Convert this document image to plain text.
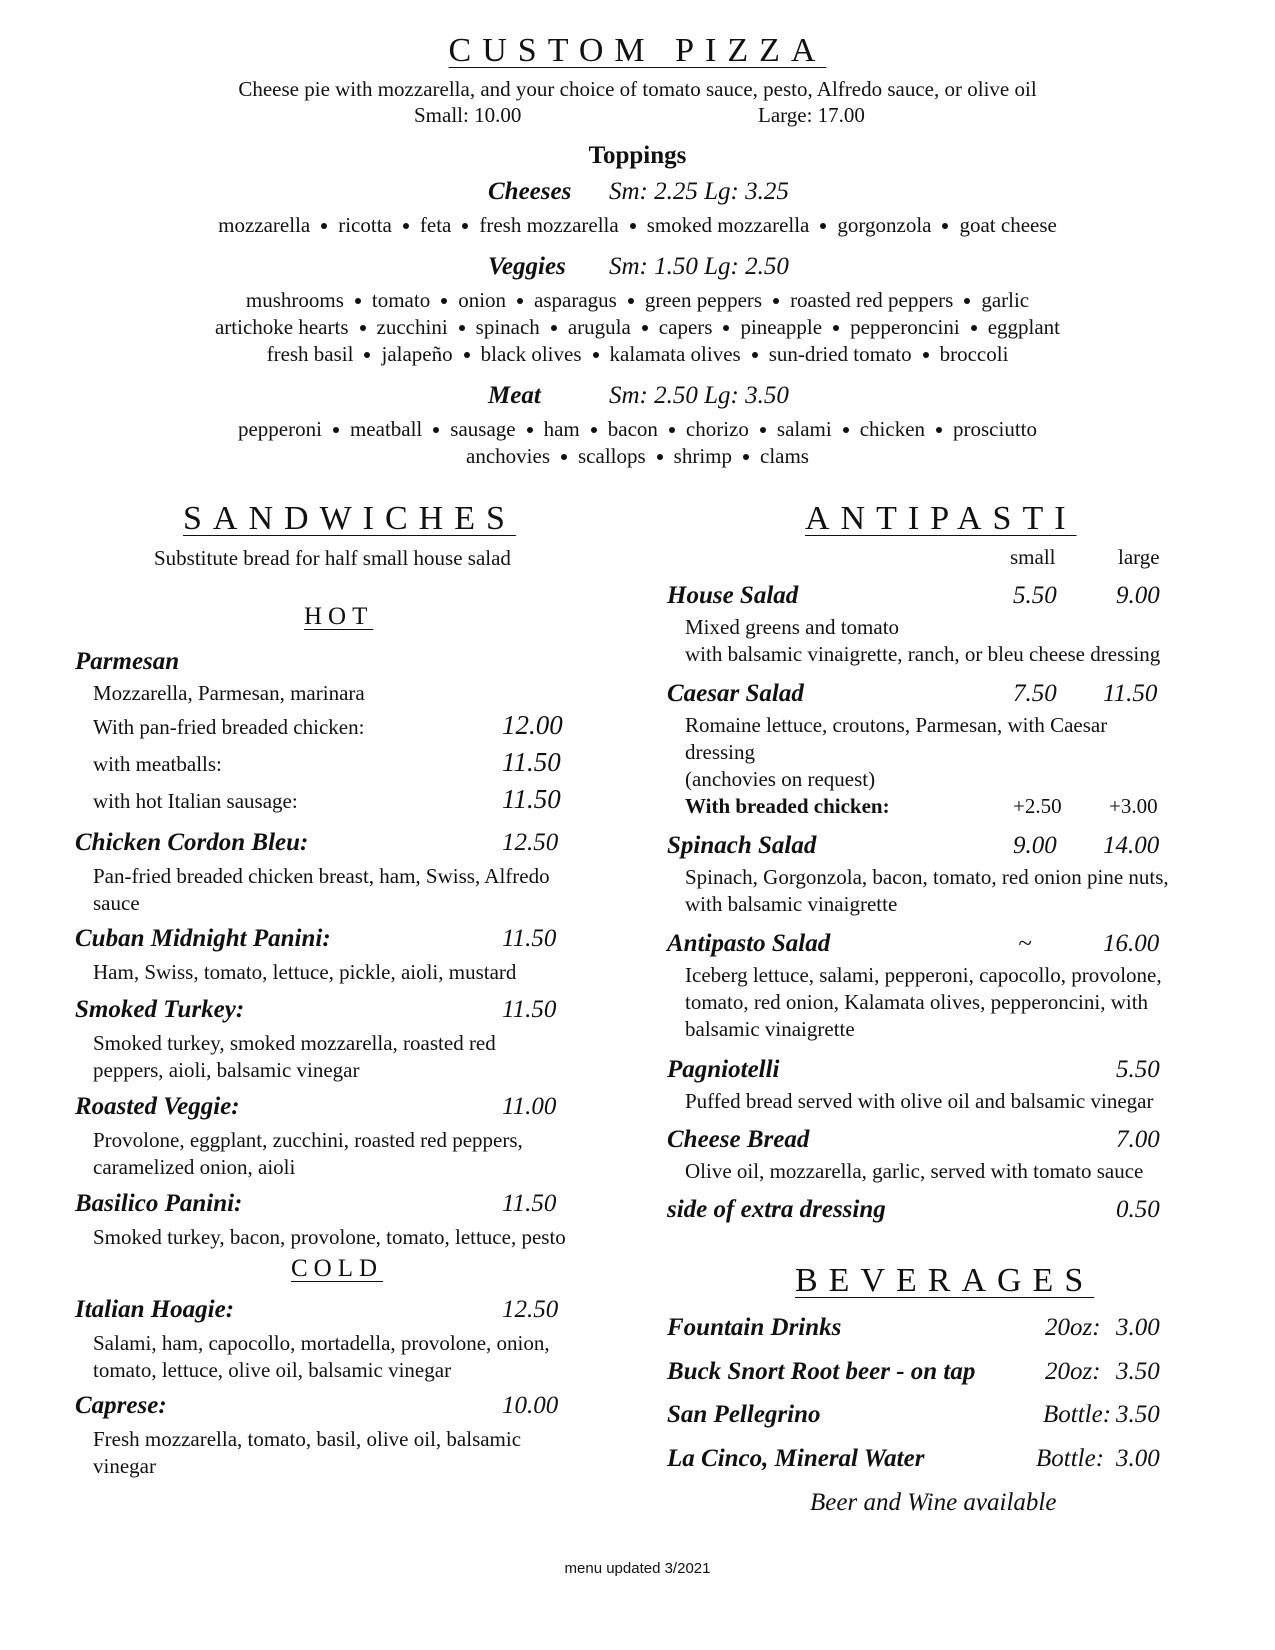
CUSTOM PIZZA
Cheese pie with mozzarella, and your choice of tomato sauce, pesto, Alfredo sauce, or olive oil
Small: 10.00	Large: 17.00
Toppings
Cheeses Sm: 2.25 Lg: 3.25
mozzarella ricotta feta fresh mozzarella smoked mozzarella gorgonzola goat cheese
Veggies Sm: 1.50 Lg: 2.50
mushrooms tomato onion asparagus green peppers roasted red peppers garlic
artichoke hearts zucchini spinach arugula capers pineapple pepperoncini eggplant
fresh basil jalapeño black olives kalamata olives sun-dried tomato broccoli
Meat	Sm: 2.50 Lg: 3.50
pepperoni meatball sausage ham bacon chorizo salami chicken prosciutto
anchovies scallops shrimp clams
SANDWICHES
Substitute bread for half small house salad
HOT
Parmesan
Mozzarella, Parmesan, marinara
With pan-fried breaded chicken:	12.00
with meatballs:	11.50
with hot Italian sausage:	11.50
Chicken Cordon Bleu:	12.50
Pan-fried breaded chicken breast, ham, Swiss, Alfredo sauce
Cuban Midnight Panini:	11.50
Ham, Swiss, tomato, lettuce, pickle, aioli, mustard
Smoked Turkey:	11.50
Smoked turkey, smoked mozzarella, roasted red peppers, aioli, balsamic vinegar
Roasted Veggie:	11.00
Provolone, eggplant, zucchini, roasted red peppers, caramelized onion, aioli
Basilico Panini:	11.50
Smoked turkey, bacon, provolone, tomato, lettuce, pesto
COLD
Italian Hoagie:	12.50
Salami, ham, capocollo, mortadella, provolone, onion, tomato, lettuce, olive oil, balsamic vinegar
Caprese:	10.00
Fresh mozzarella, tomato, basil, olive oil, balsamic vinegar
ANTIPASTI
small	large
House Salad	5.50 9.00
Mixed greens and tomato
with balsamic vinaigrette, ranch, or bleu cheese dressing
Caesar Salad	7.50 11.50
Romaine lettuce, croutons, Parmesan, with Caesar dressing
(anchovies on request)
With breaded chicken:	+2.50 +3.00
Spinach Salad	9.00 14.00
Spinach, Gorgonzola, bacon, tomato, red onion pine nuts, with balsamic vinaigrette
Antipasto Salad	~	16.00
Iceberg lettuce, salami, pepperoni, capocollo, provolone, tomato, red onion, Kalamata olives, pepperoncini, with balsamic vinaigrette
Pagniotelli	5.50
Puffed bread served with olive oil and balsamic vinegar
Cheese Bread	7.00
Olive oil, mozzarella, garlic, served with tomato sauce
side of extra dressing	0.50
BEVERAGES
Fountain Drinks	20oz: 3.00
Buck Snort Root beer - on tap	20oz: 3.50
San Pellegrino	Bottle: 3.50
La Cinco, Mineral Water	Bottle: 3.00
Beer and Wine available
menu updated 3/2021
